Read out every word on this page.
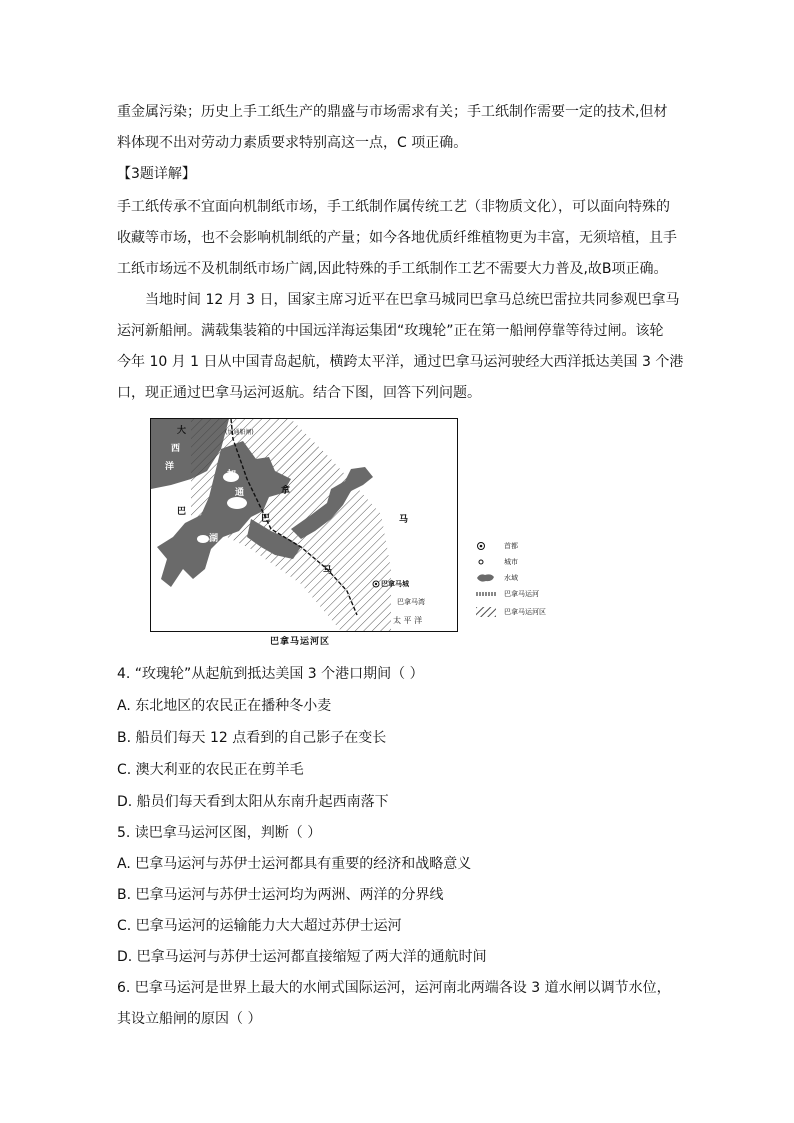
重金属污染；历史上手工纸生产的鼎盛与市场需求有关；手工纸制作需要一定的技术,但材
料体现不出对劳动力素质要求特别高这一点，C 项正确。
【3题详解】
手工纸传承不宜面向机制纸市场，手工纸制作属传统工艺（非物质文化），可以面向特殊的
收藏等市场，也不会影响机制纸的产量；如今各地优质纤维植物更为丰富，无须培植，且手
工纸市场远不及机制纸市场广阔,因此特殊的手工纸制作工艺不需要大力普及,故B项正确。
当地时间 12 月 3 日，国家主席习近平在巴拿马城同巴拿马总统巴雷拉共同参观巴拿马
运河新船闸。满载集装箱的中国远洋海运集团“玫瑰轮”正在第一船闸停靠等待过闸。该轮
今年 10 月 1 日从中国青岛起航，横跨太平洋，通过巴拿马运河驶经大西洋抵达美国 3 个港
口，现正通过巴拿马运河返航。结合下图，回答下列问题。
大
西
洋
(加通船闸)
巴
加
通
湖
巴
拿
马
马
巴拿马城
巴拿马湾
太 平 洋
巴拿马运河区
首都
城市
水域
巴拿马运河
巴拿马运河区
4. “玫瑰轮”从起航到抵达美国 3 个港口期间（ ）
A. 东北地区的农民正在播种冬小麦
B. 船员们每天 12 点看到的自己影子在变长
C. 澳大利亚的农民正在剪羊毛
D. 船员们每天看到太阳从东南升起西南落下
5. 读巴拿马运河区图，判断（ ）
A. 巴拿马运河与苏伊士运河都具有重要的经济和战略意义
B. 巴拿马运河与苏伊士运河均为两洲、两洋的分界线
C. 巴拿马运河的运输能力大大超过苏伊士运河
D. 巴拿马运河与苏伊士运河都直接缩短了两大洋的通航时间
6. 巴拿马运河是世界上最大的水闸式国际运河，运河南北两端各设 3 道水闸以调节水位，
其设立船闸的原因（ ）
